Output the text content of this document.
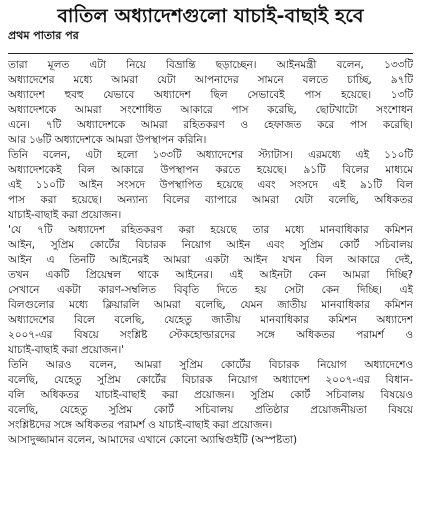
বাতিল অধ্যাদেশগুলো যাচাই-বাছাই হবে
প্রথম পাতার পর
তারা মূলত এটা নিয়ে বিভ্রান্তি ছড়াচ্ছেন। আইনমন্ত্রী বলেন, ১৩৩টি
অধ্যাদেশের মধ্যে আমরা যেটা আপনাদের সামনে বলতে চাচ্ছি, ৯৭টি
অধ্যাদেশ হুবহু যেভাবে অধ্যাদেশ ছিল সেভাবেই পাস হয়েছে। ১৩টি
অধ্যাদেশকে আমরা সংশোধিত আকারে পাস করেছি, ছোটখাটো সংশোধন
এনে। ৭টি অধ্যাদেশকে আমরা রহিতকরণ ও হেফাজত করে পাস করেছি।
আর ১৬টি অধ্যাদেশকে আমরা উপস্থাপন করিনি।
তিনি বলেন, এটা হলো ১৩৩টি অধ্যাদেশের স্ট্যাটাস। এরমধ্যে এই ১১০টি
অধ্যাদেশকেই বিল আকারে উপস্থাপন করতে হয়েছে। ৯১টি বিলের মাধ্যমে
এই ১১০টি আইন সংসদে উপস্থাপিত হয়েছে এবং সংসদে এই ৯১টি বিল
পাস করা হয়েছে। অন্যান্য বিলের ব্যাপারে আমরা যেটা বলেছি, অধিকতর
যাচাই-বাছাই করা প্রয়োজন।
'যে ৭টি অধ্যাদেশ রহিতকরণ করা হয়েছে তার মধ্যে মানবাধিকার কমিশন
আইন, সুপ্রিম কোর্টের বিচারক নিয়োগ আইন এবং সুপ্রিম কোর্ট সচিবালয়
আইন এ তিনটি আইনেরই আমরা একটা আইন যখন বিল আকারে দেই,
তখন একটি প্রিয়েম্বল থাকে আইনের। এই আইনটা কেন আমরা দিচ্ছি?
সেখানে একটা কারণ-সম্বলিত বিবৃতি দিতে হয় সেটা কেন দিচ্ছি। এই
বিলগুলোর মধ্যে ক্লিয়ারলি আমরা বলেছি, যেমন জাতীয় মানবাধিকার কমিশন
অধ্যাদেশের বিলে বলেছি, যেহেতু জাতীয় মানবাধিকার কমিশন অধ্যাদেশ
২০০৭-এর বিষয়ে সংশ্লিষ্ট স্টেকহোল্ডারদের সঙ্গে অধিকতর পরামর্শ ও
যাচাই-বাছাই করা প্রয়োজন।'
তিনি আরও বলেন, আমরা সুপ্রিম কোর্টের বিচারক নিয়োগ অধ্যাদেশেও
বলেছি, যেহেতু সুপ্রিম কোর্টের বিচারক নিয়োগ অধ্যাদেশ ২০০৭-এর বিধান-
বলি অধিকতর যাচাই-বাছাই করা প্রয়োজন। সুপ্রিম কোর্ট সচিবালয় বিষয়েও
বলেছি, যেহেতু সুপ্রিম কোর্ট সচিবালয় প্রতিষ্ঠার প্রয়োজনীয়তা বিষয়ে
সংশ্লিষ্টদের সঙ্গে অধিকতর পরামর্শ ও যাচাই-বাছাই করা প্রয়োজন।
আসাদুজ্জামান বলেন, আমাদের এখানে কোনো অ্যাম্বিগুইটি (অস্পষ্টতা)
